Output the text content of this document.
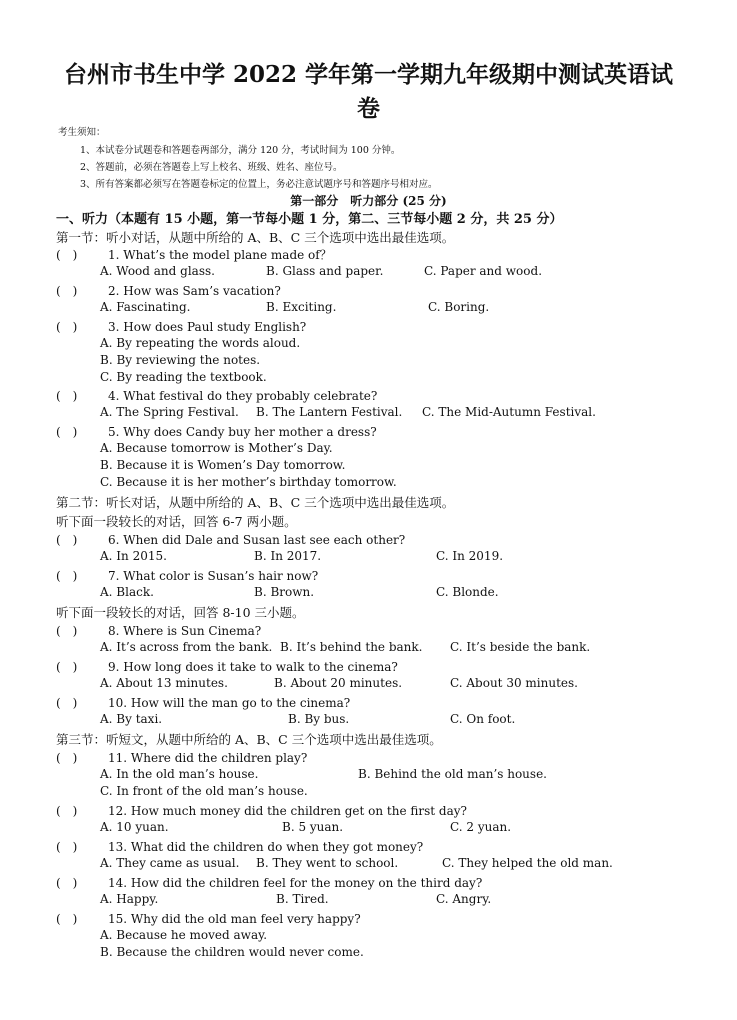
台州市书生中学 2022 学年第一学期九年级期中测试英语试
卷
考生须知：
1、本试卷分试题卷和答题卷两部分，满分 120 分，考试时间为 100 分钟。
2、答题前，必须在答题卷上写上校名、班级、姓名、座位号。
3、所有答案都必须写在答题卷标定的位置上，务必注意试题序号和答题序号相对应。
第一部分　听力部分 (25 分)
一、听力（本题有 15 小题，第一节每小题 1 分，第二、三节每小题 2 分，共 25 分）
第一节：听小对话，从题中所给的 A、B、C 三个选项中选出最佳选项。
(　)	1. What’s the model plane made of？
A. Wood and glass.	B. Glass and paper.	C. Paper and wood.
(　)	2. How was Sam’s vacation?
A. Fascinating.	B. Exciting.	C. Boring.
(　)	3. How does Paul study English?
A. By repeating the words aloud.
B. By reviewing the notes.
C. By reading the textbook.
(　)	4. What festival do they probably celebrate?
A. The Spring Festival. B. The Lantern Festival. C. The Mid-Autumn Festival.
(　)	5. Why does Candy buy her mother a dress?
A. Because tomorrow is Mother’s Day.
B. Because it is Women’s Day tomorrow.
C. Because it is her mother’s birthday tomorrow.
第二节：听长对话，从题中所给的 A、B、C 三个选项中选出最佳选项。
听下面一段较长的对话，回答 6-7 两小题。
(　)	6. When did Dale and Susan last see each other?
A. In 2015.	B. In 2017.	C. In 2019.
(　)	7. What color is Susan’s hair now?
A. Black.	B. Brown.	C. Blonde.
听下面一段较长的对话，回答 8-10 三小题。
(　)	8. Where is Sun Cinema?
A. It’s across from the bank. B. It’s behind the bank. C. It’s beside the bank.
(　)	9. How long does it take to walk to the cinema?
A. About 13 minutes.	B. About 20 minutes.	C. About 30 minutes.
(　)	10. How will the man go to the cinema?
A. By taxi.	B. By bus.	C. On foot.
第三节：听短文，从题中所给的 A、B、C 三个选项中选出最佳选项。
(　)	11. Where did the children play?
A. In the old man’s house.	B. Behind the old man’s house.
C. In front of the old man’s house.
(　)	12. How much money did the children get on the first day?
A. 10 yuan.	B. 5 yuan.	C. 2 yuan.
(　)	13. What did the children do when they got money?
A. They came as usual. B. They went to school.	C. They helped the old man.
(　)	14. How did the children feel for the money on the third day?
A. Happy.	B. Tired.	C. Angry.
(　)	15. Why did the old man feel very happy?
A. Because he moved away.
B. Because the children would never come.
